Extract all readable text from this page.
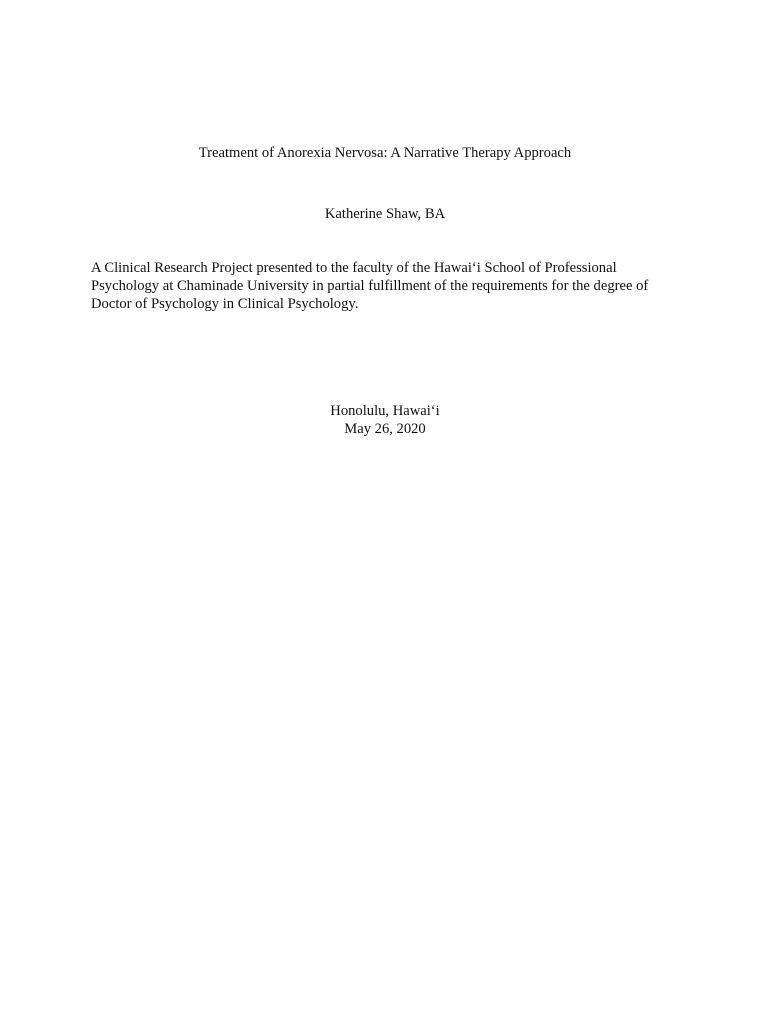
Treatment of Anorexia Nervosa: A Narrative Therapy Approach
Katherine Shaw, BA
A Clinical Research Project presented to the faculty of the Hawai‘i School of Professional
Psychology at Chaminade University in partial fulfillment of the requirements for the degree of
Doctor of Psychology in Clinical Psychology.
Honolulu, Hawai‘i
May 26, 2020
